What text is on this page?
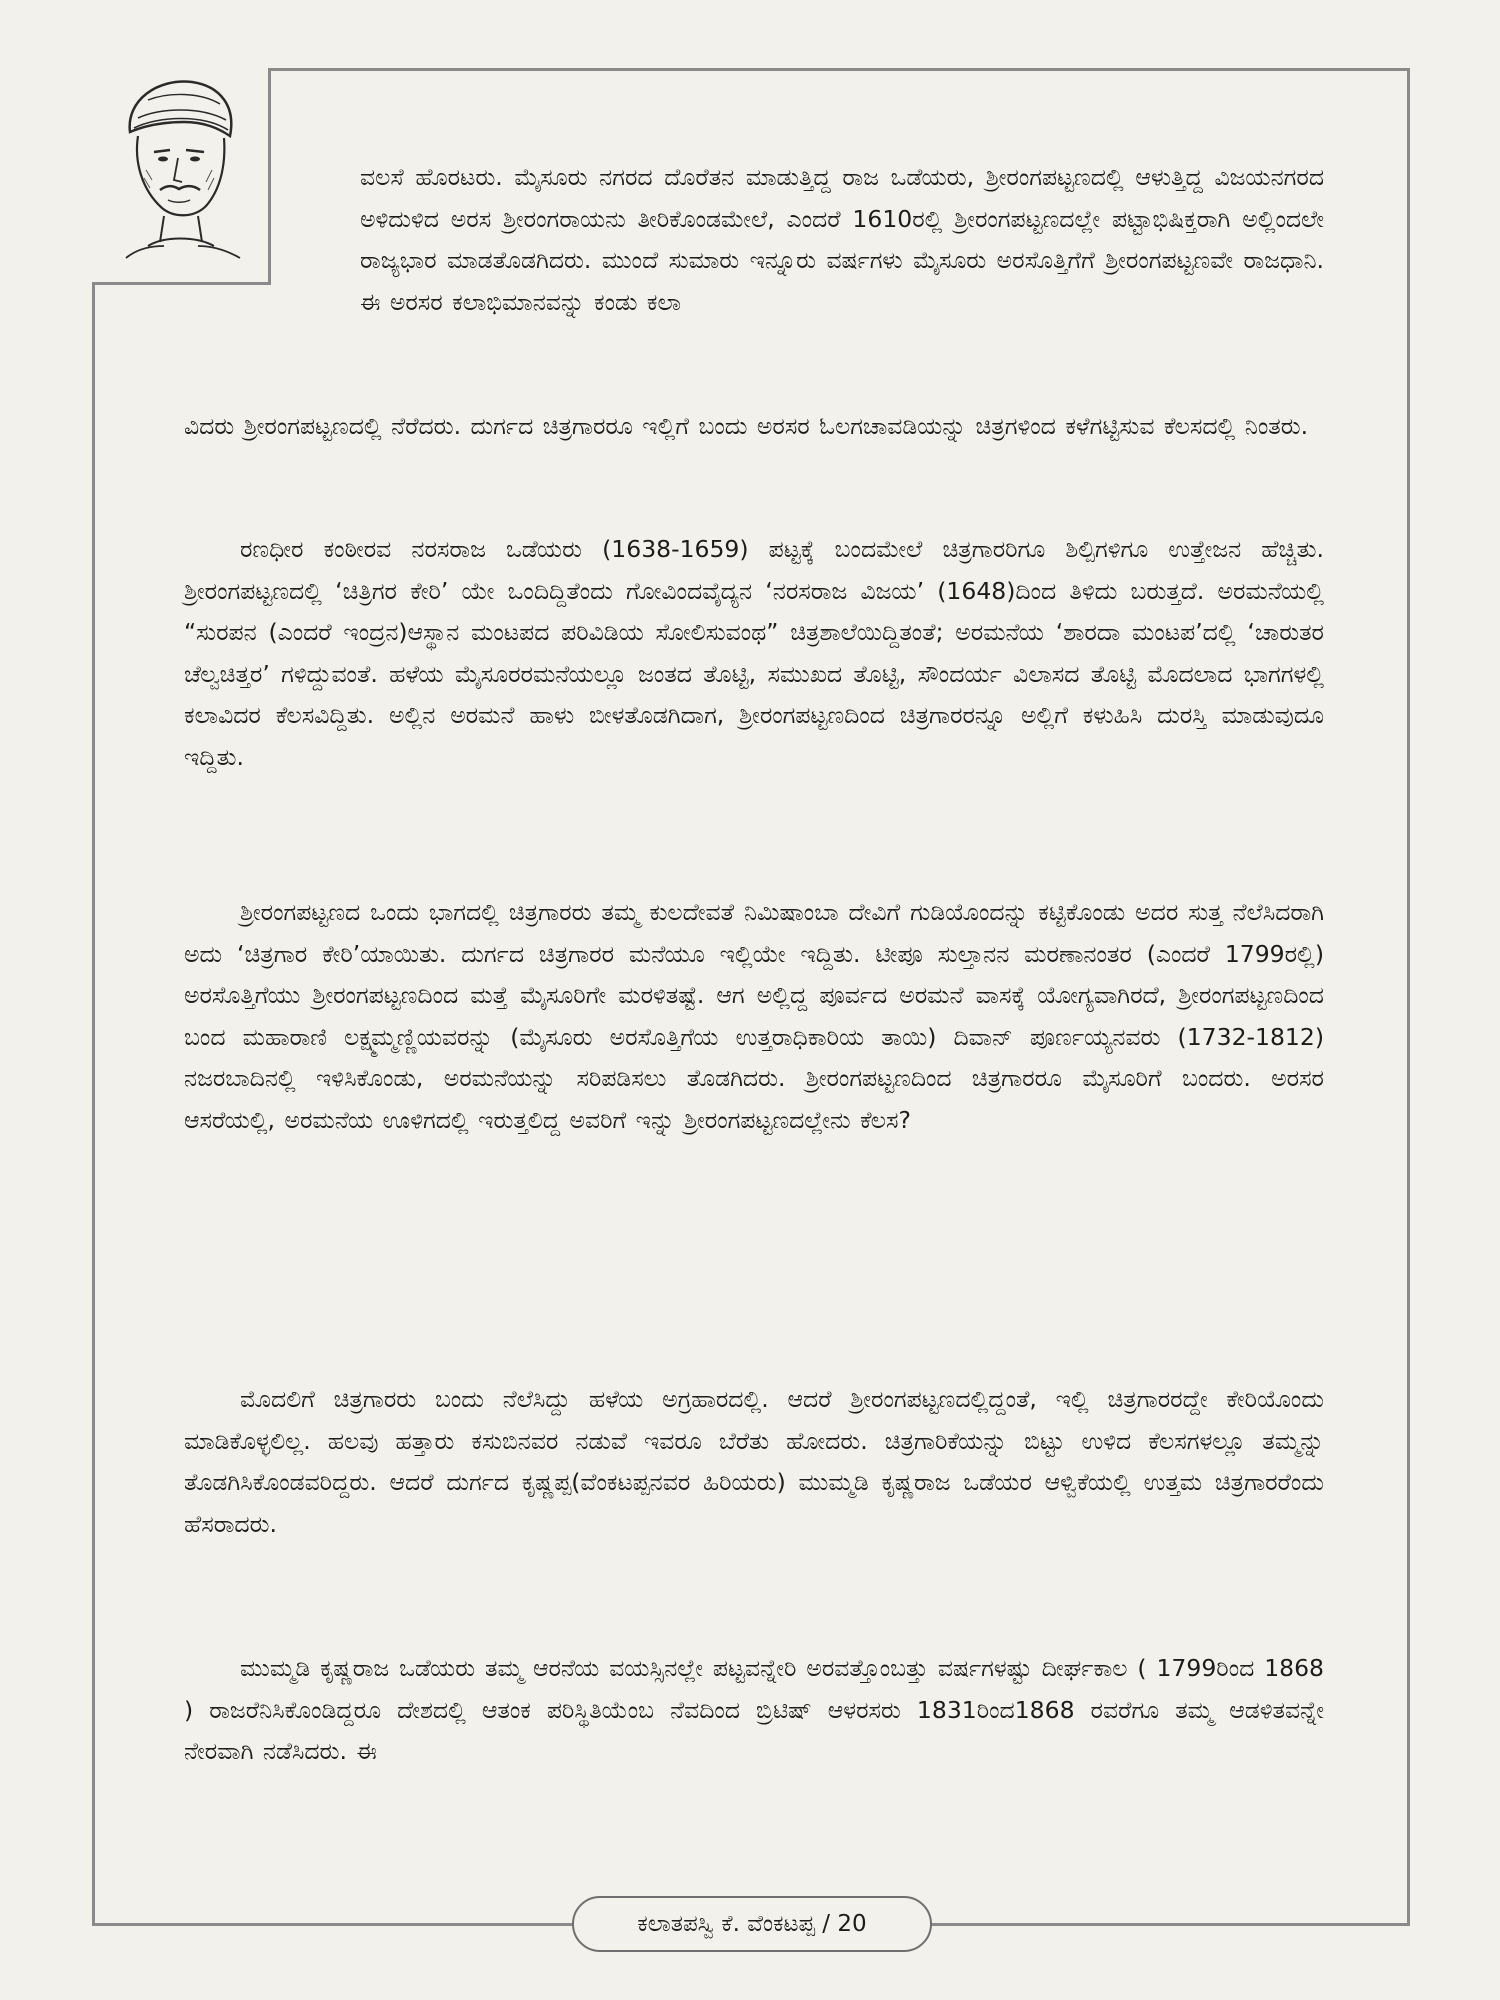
ವಲಸೆ ಹೊರಟರು. ಮೈಸೂರು ನಗರದ ದೊರೆತನ ಮಾಡುತ್ತಿದ್ದ ರಾಜ ಒಡೆಯರು, ಶ್ರೀರಂಗಪಟ್ಟಣದಲ್ಲಿ ಆಳುತ್ತಿದ್ದ ವಿಜಯನಗರದ ಅಳಿದುಳಿದ ಅರಸ ಶ್ರೀರಂಗರಾಯನು ತೀರಿಕೊಂಡಮೇಲೆ, ಎಂದರೆ 1610ರಲ್ಲಿ ಶ್ರೀರಂಗಪಟ್ಟಣದಲ್ಲೇ ಪಟ್ಟಾಭಿಷಿಕ್ತರಾಗಿ ಅಲ್ಲಿಂದಲೇ ರಾಜ್ಯಭಾರ ಮಾಡತೊಡಗಿದರು. ಮುಂದೆ ಸುಮಾರು ಇನ್ನೂರು ವರ್ಷಗಳು ಮೈಸೂರು ಅರಸೊತ್ತಿಗೆಗೆ ಶ್ರೀರಂಗಪಟ್ಟಣವೇ ರಾಜಧಾನಿ. ಈ ಅರಸರ ಕಲಾಭಿಮಾನವನ್ನು ಕಂಡು ಕಲಾ

ವಿದರು ಶ್ರೀರಂಗಪಟ್ಟಣದಲ್ಲಿ ನೆರೆದರು. ದುರ್ಗದ ಚಿತ್ರಗಾರರೂ ಇಲ್ಲಿಗೆ ಬಂದು ಅರಸರ ಓಲಗಚಾವಡಿಯನ್ನು ಚಿತ್ರಗಳಿಂದ ಕಳೆಗಟ್ಟಿಸುವ ಕೆಲಸದಲ್ಲಿ ನಿಂತರು.

ರಣಧೀರ ಕಂಠೀರವ ನರಸರಾಜ ಒಡೆಯರು (1638-1659) ಪಟ್ಟಕ್ಕೆ ಬಂದಮೇಲೆ ಚಿತ್ರಗಾರರಿಗೂ ಶಿಲ್ಪಿಗಳಿಗೂ ಉತ್ತೇಜನ ಹೆಚ್ಚಿತು. ಶ್ರೀರಂಗಪಟ್ಟಣದಲ್ಲಿ ‘ಚಿತ್ರಿಗರ ಕೇರಿ’ ಯೇ ಒಂದಿದ್ದಿತೆಂದು ಗೋವಿಂದವೈದ್ಯನ ‘ನರಸರಾಜ ವಿಜಯ’ (1648)ದಿಂದ ತಿಳಿದು ಬರುತ್ತದೆ. ಅರಮನೆಯಲ್ಲಿ “ಸುರಪನ (ಎಂದರೆ ಇಂದ್ರನ)ಆಸ್ಥಾನ ಮಂಟಪದ ಪರಿವಿಡಿಯ ಸೋಲಿಸುವಂಥ” ಚಿತ್ರಶಾಲೆಯಿದ್ದಿತಂತೆ; ಅರಮನೆಯ ‘ಶಾರದಾ ಮಂಟಪ’ದಲ್ಲಿ ‘ಚಾರುತರ ಚೆಲ್ವಚಿತ್ತರ’ ಗಳಿದ್ದುವಂತೆ. ಹಳೆಯ ಮೈಸೂರರಮನೆಯಲ್ಲೂ ಜಂತದ ತೊಟ್ಟಿ, ಸಮುಖದ ತೊಟ್ಟಿ, ಸೌಂದರ್ಯ ವಿಲಾಸದ ತೊಟ್ಟಿ ಮೊದಲಾದ ಭಾಗಗಳಲ್ಲಿ ಕಲಾವಿದರ ಕೆಲಸವಿದ್ದಿತು. ಅಲ್ಲಿನ ಅರಮನೆ ಹಾಳು ಬೀಳತೊಡಗಿದಾಗ, ಶ್ರೀರಂಗಪಟ್ಟಣದಿಂದ ಚಿತ್ರಗಾರರನ್ನೂ ಅಲ್ಲಿಗೆ ಕಳುಹಿಸಿ ದುರಸ್ತಿ ಮಾಡುವುದೂ ಇದ್ದಿತು.

ಶ್ರೀರಂಗಪಟ್ಟಣದ ಒಂದು ಭಾಗದಲ್ಲಿ ಚಿತ್ರಗಾರರು ತಮ್ಮ ಕುಲದೇವತೆ ನಿಮಿಷಾಂಬಾ ದೇವಿಗೆ ಗುಡಿಯೊಂದನ್ನು ಕಟ್ಟಿಕೊಂಡು ಅದರ ಸುತ್ತ ನೆಲೆಸಿದರಾಗಿ ಅದು ‘ಚಿತ್ರಗಾರ ಕೇರಿ’ಯಾಯಿತು. ದುರ್ಗದ ಚಿತ್ರಗಾರರ ಮನೆಯೂ ಇಲ್ಲಿಯೇ ಇದ್ದಿತು. ಟೀಪೂ ಸುಲ್ತಾನನ ಮರಣಾನಂತರ (ಎಂದರೆ 1799ರಲ್ಲಿ) ಅರಸೊತ್ತಿಗೆಯು ಶ್ರೀರಂಗಪಟ್ಟಣದಿಂದ ಮತ್ತೆ ಮೈಸೂರಿಗೇ ಮರಳಿತಷ್ಟೆ. ಆಗ ಅಲ್ಲಿದ್ದ ಪೂರ್ವದ ಅರಮನೆ ವಾಸಕ್ಕೆ ಯೋಗ್ಯವಾಗಿರದೆ, ಶ್ರೀರಂಗಪಟ್ಟಣದಿಂದ ಬಂದ ಮಹಾರಾಣಿ ಲಕ್ಷ್ಮಮ್ಮಣ್ಣಿಯವರನ್ನು (ಮೈಸೂರು ಅರಸೊತ್ತಿಗೆಯ ಉತ್ತರಾಧಿಕಾರಿಯ ತಾಯಿ) ದಿವಾನ್ ಪೂರ್ಣಯ್ಯನವರು (1732-1812) ನಜರಬಾದಿನಲ್ಲಿ ಇಳಿಸಿಕೊಂಡು, ಅರಮನೆಯನ್ನು ಸರಿಪಡಿಸಲು ತೊಡಗಿದರು. ಶ್ರೀರಂಗಪಟ್ಟಣದಿಂದ ಚಿತ್ರಗಾರರೂ ಮೈಸೂರಿಗೆ ಬಂದರು. ಅರಸರ ಆಸರೆಯಲ್ಲಿ, ಅರಮನೆಯ ಊಳಿಗದಲ್ಲಿ ಇರುತ್ತಲಿದ್ದ ಅವರಿಗೆ ಇನ್ನು ಶ್ರೀರಂಗಪಟ್ಟಣದಲ್ಲೇನು ಕೆಲಸ?

ಮೊದಲಿಗೆ ಚಿತ್ರಗಾರರು ಬಂದು ನೆಲೆಸಿದ್ದು ಹಳೆಯ ಅಗ್ರಹಾರದಲ್ಲಿ. ಆದರೆ ಶ್ರೀರಂಗಪಟ್ಟಣದಲ್ಲಿದ್ದಂತೆ, ಇಲ್ಲಿ ಚಿತ್ರಗಾರರದ್ದೇ ಕೇರಿಯೊಂದು ಮಾಡಿಕೊಳ್ಳಲಿಲ್ಲ. ಹಲವು ಹತ್ತಾರು ಕಸುಬಿನವರ ನಡುವೆ ಇವರೂ ಬೆರೆತು ಹೋದರು. ಚಿತ್ರಗಾರಿಕೆಯನ್ನು ಬಿಟ್ಟು ಉಳಿದ ಕೆಲಸಗಳಲ್ಲೂ ತಮ್ಮನ್ನು ತೊಡಗಿಸಿಕೊಂಡವರಿದ್ದರು. ಆದರೆ ದುರ್ಗದ ಕೃಷ್ಣಪ್ಪ(ವೆಂಕಟಪ್ಪನವರ ಹಿರಿಯರು) ಮುಮ್ಮಡಿ ಕೃಷ್ಣರಾಜ ಒಡೆಯರ ಆಳ್ವಿಕೆಯಲ್ಲಿ ಉತ್ತಮ ಚಿತ್ರಗಾರರೆಂದು ಹೆಸರಾದರು.

ಮುಮ್ಮಡಿ ಕೃಷ್ಣರಾಜ ಒಡೆಯರು ತಮ್ಮ ಆರನೆಯ ವಯಸ್ಸಿನಲ್ಲೇ ಪಟ್ಟವನ್ನೇರಿ ಅರವತ್ತೊಂಬತ್ತು ವರ್ಷಗಳಷ್ಟು ದೀರ್ಘಕಾಲ ( 1799ರಿಂದ 1868 ) ರಾಜರೆನಿಸಿಕೊಂಡಿದ್ದರೂ ದೇಶದಲ್ಲಿ ಆತಂಕ ಪರಿಸ್ಥಿತಿಯೆಂಬ ನೆವದಿಂದ ಬ್ರಿಟಿಷ್ ಆಳರಸರು 1831ರಿಂದ1868 ರವರೆಗೂ ತಮ್ಮ ಆಡಳಿತವನ್ನೇ ನೇರವಾಗಿ ನಡೆಸಿದರು. ಈ

ಕಲಾತಪಸ್ವಿ ಕೆ. ವೆಂಕಟಪ್ಪ / 20
